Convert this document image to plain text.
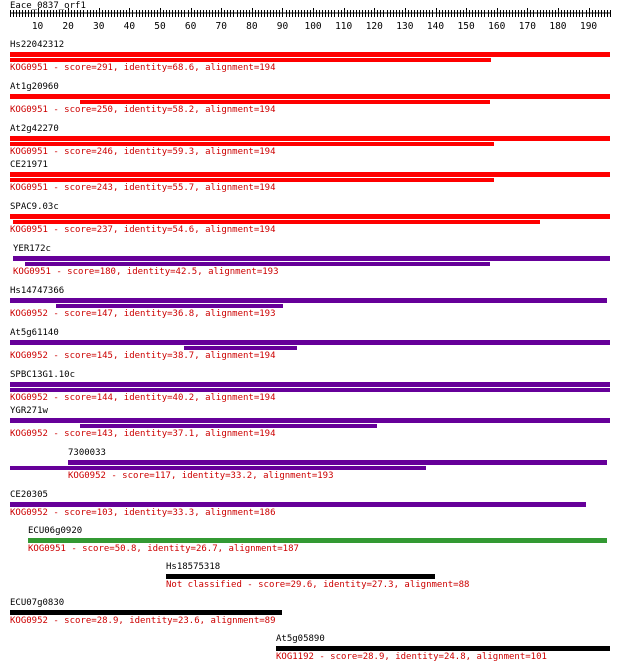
Eace_0837_orf1
10 20 30 40 50 60 70 80 90 100 110 120 130 140 150 160 170 180 190
Hs22042312
KOG0951 - score=291, identity=68.6, alignment=194
At1g20960
KOG0951 - score=250, identity=58.2, alignment=194
At2g42270
KOG0951 - score=246, identity=59.3, alignment=194
CE21971
KOG0951 - score=243, identity=55.7, alignment=194
SPAC9.03c
KOG0951 - score=237, identity=54.6, alignment=194
YER172c
KOG0951 - score=180, identity=42.5, alignment=193
Hs14747366
KOG0952 - score=147, identity=36.8, alignment=193
At5g61140
KOG0952 - score=145, identity=38.7, alignment=194
SPBC13G1.10c
KOG0952 - score=144, identity=40.2, alignment=194
YGR271w
KOG0952 - score=143, identity=37.1, alignment=194
7300033
KOG0952 - score=117, identity=33.2, alignment=193
CE20305
KOG0952 - score=103, identity=33.3, alignment=186
ECU06g0920
KOG0951 - score=50.8, identity=26.7, alignment=187
Hs18575318
Not classified - score=29.6, identity=27.3, alignment=88
ECU07g0830
KOG0952 - score=28.9, identity=23.6, alignment=89
At5g05890
KOG1192 - score=28.9, identity=24.8, alignment=101
